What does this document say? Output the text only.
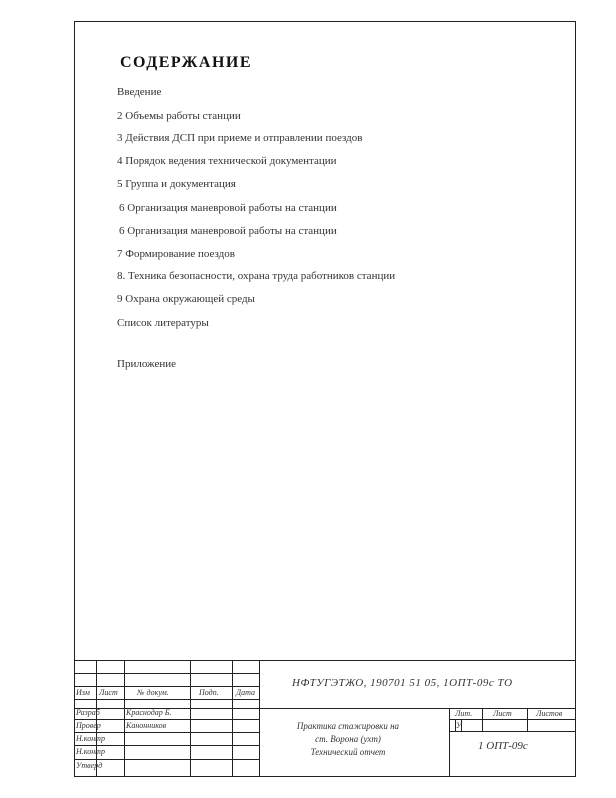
СОДЕРЖАНИЕ
Введение
2 Объемы работы станции
3 Действия ДСП при приеме и отправлении поездов
4 Порядок ведения технической документации
5 Группа и документация
6 Организация маневровой работы на станции
6 Организация маневровой работы на станции
7 Формирование поездов
8. Техника безопасности, охрана труда работников станции
9 Охрана окружающей среды
Список литературы
Приложение
Изм Лист № докум.	Подп. Дата
Разраб	Краснодар Б.
Провер	Канонников
Н.контр
Н.контр
Утверд
НФТУГЭТЖО, 190701 51 05, 1ОПТ-09с ТО
Практика стажировки на
ст. Ворона (ухт)
Технический отчет
Лит.	Лист	Листов
У
1 ОПТ-09с
